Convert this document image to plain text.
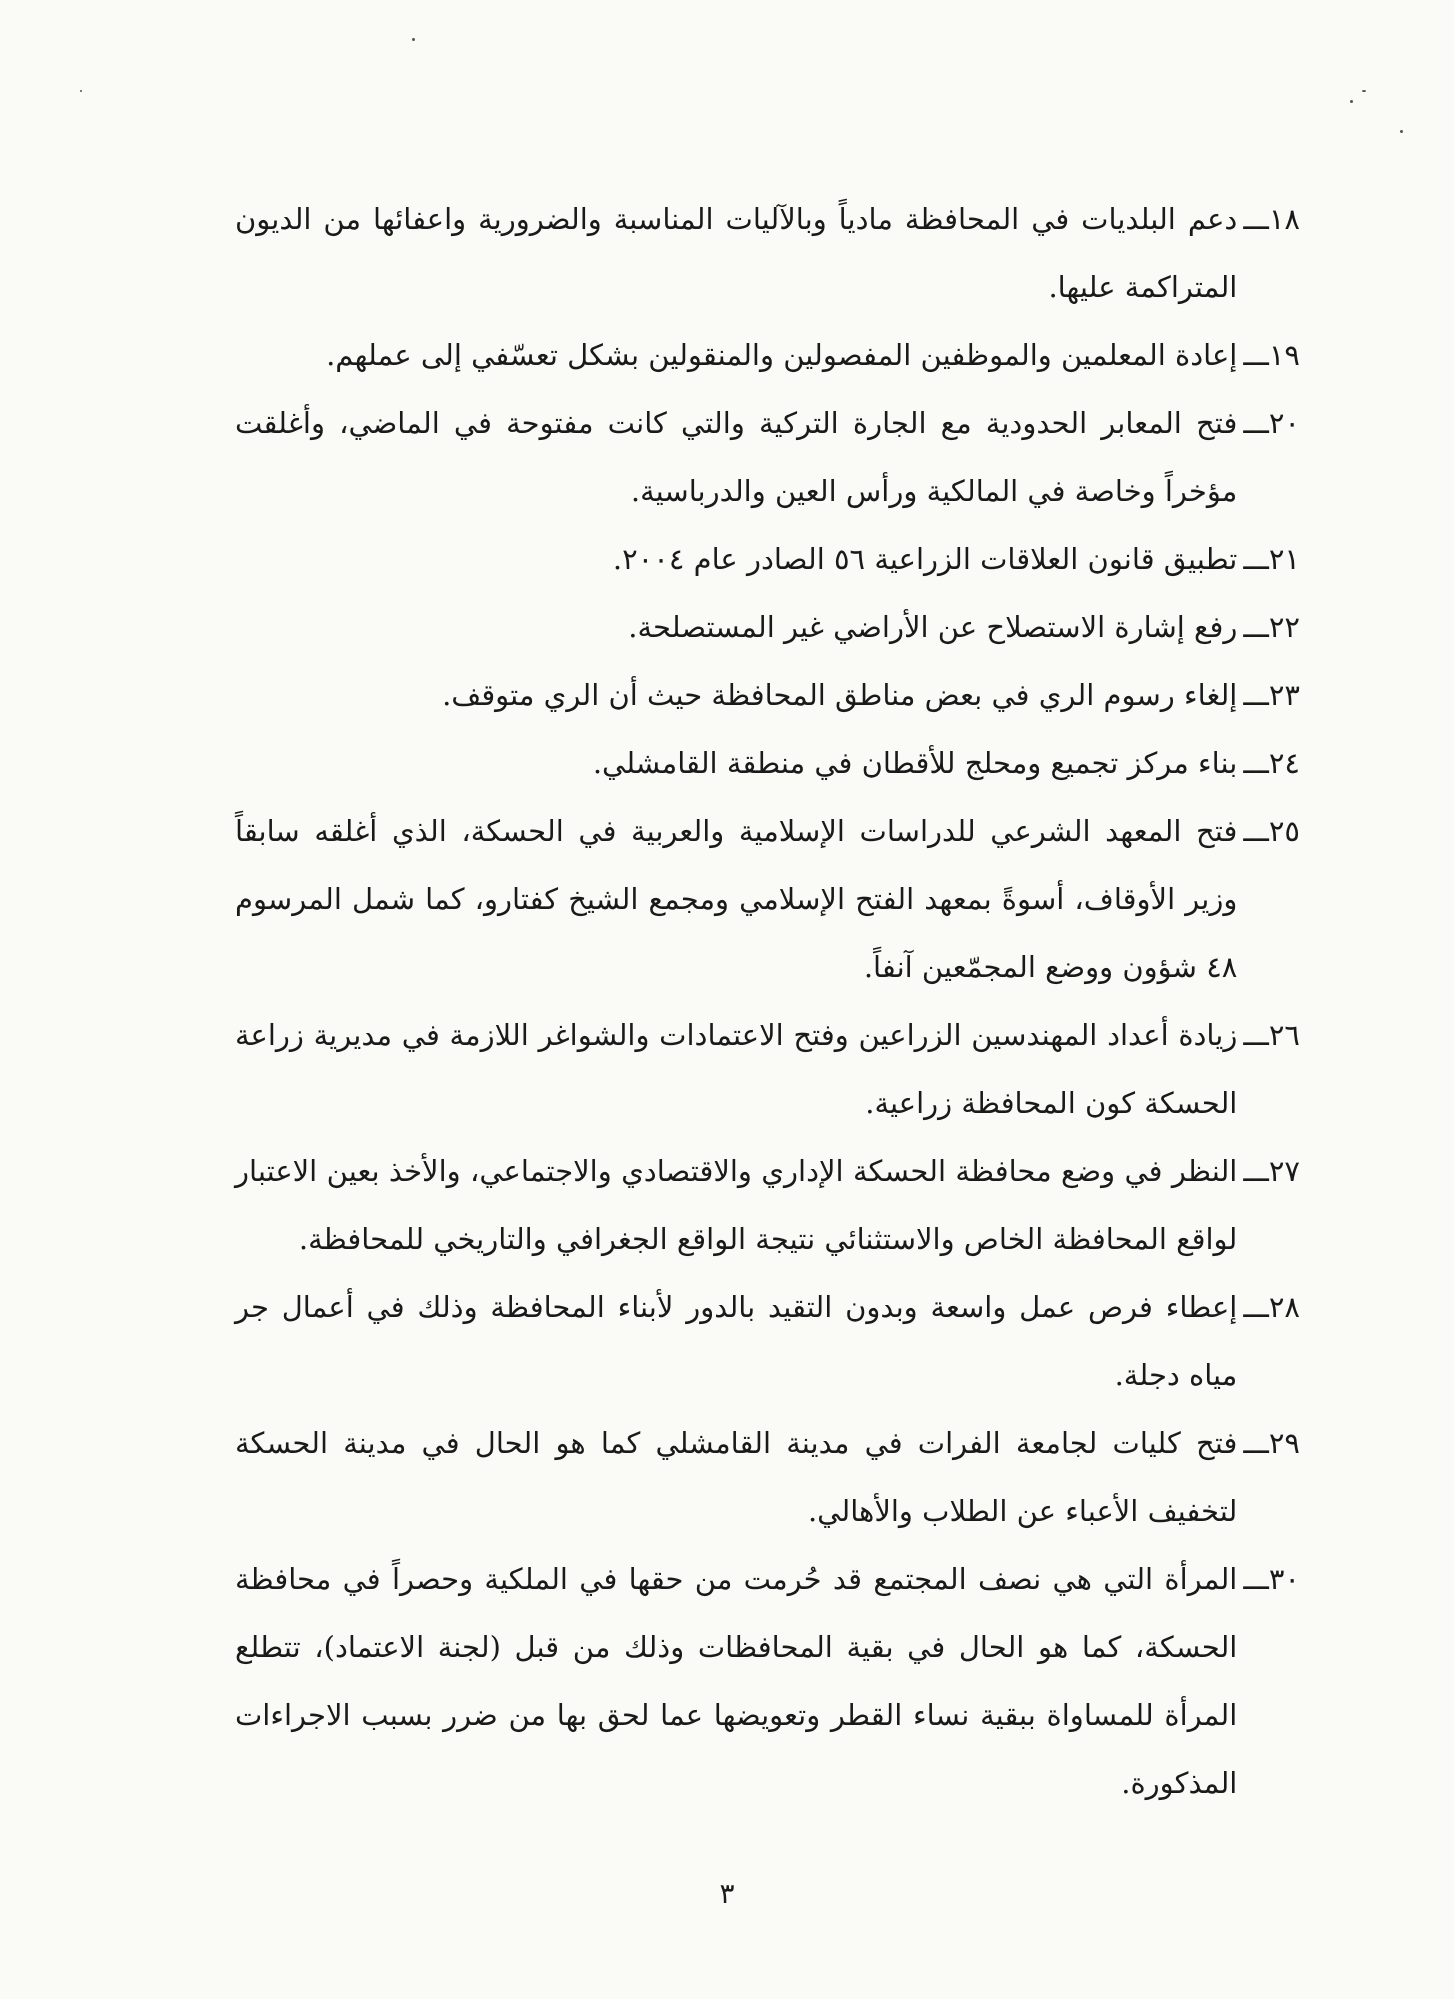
١٨ـــ
دعم البلديات في المحافظة مادياً وبالآليات المناسبة والضرورية واعفائها من الديون المتراكمة عليها.
١٩ـــ
إعادة المعلمين والموظفين المفصولين والمنقولين بشكل تعسّفي إلى عملهم.
٢٠ـــ
فتح المعابر الحدودية مع الجارة التركية والتي كانت مفتوحة في الماضي، وأغلقت مؤخراً وخاصة في المالكية ورأس العين والدرباسية.
٢١ـــ
تطبيق قانون العلاقات الزراعية ٥٦ الصادر عام ٢٠٠٤.
٢٢ـــ
رفع إشارة الاستصلاح عن الأراضي غير المستصلحة.
٢٣ـــ
إلغاء رسوم الري في بعض مناطق المحافظة حيث أن الري متوقف.
٢٤ـــ
بناء مركز تجميع ومحلج للأقطان في منطقة القامشلي.
٢٥ـــ
فتح المعهد الشرعي للدراسات الإسلامية والعربية في الحسكة، الذي أغلقه سابقاً وزير الأوقاف، أسوةً بمعهد الفتح الإسلامي ومجمع الشيخ كفتارو، كما شمل المرسوم ٤٨ شؤون ووضع المجمّعين آنفاً.
٢٦ـــ
زيادة أعداد المهندسين الزراعين وفتح الاعتمادات والشواغر اللازمة في مديرية زراعة الحسكة كون المحافظة زراعية.
٢٧ـــ
النظر في وضع محافظة الحسكة الإداري والاقتصادي والاجتماعي، والأخذ بعين الاعتبار لواقع المحافظة الخاص والاستثنائي نتيجة الواقع الجغرافي والتاريخي للمحافظة.
٢٨ـــ
إعطاء فرص عمل واسعة وبدون التقيد بالدور لأبناء المحافظة وذلك في أعمال جر مياه دجلة.
٢٩ـــ
فتح كليات لجامعة الفرات في مدينة القامشلي كما هو الحال في مدينة الحسكة لتخفيف الأعباء عن الطلاب والأهالي.
٣٠ـــ
المرأة التي هي نصف المجتمع قد حُرمت من حقها في الملكية وحصراً في محافظة الحسكة، كما هو الحال في بقية المحافظات وذلك من قبل (لجنة الاعتماد)، تتطلع المرأة للمساواة ببقية نساء القطر وتعويضها عما لحق بها من ضرر بسبب الاجراءات المذكورة.
٣
